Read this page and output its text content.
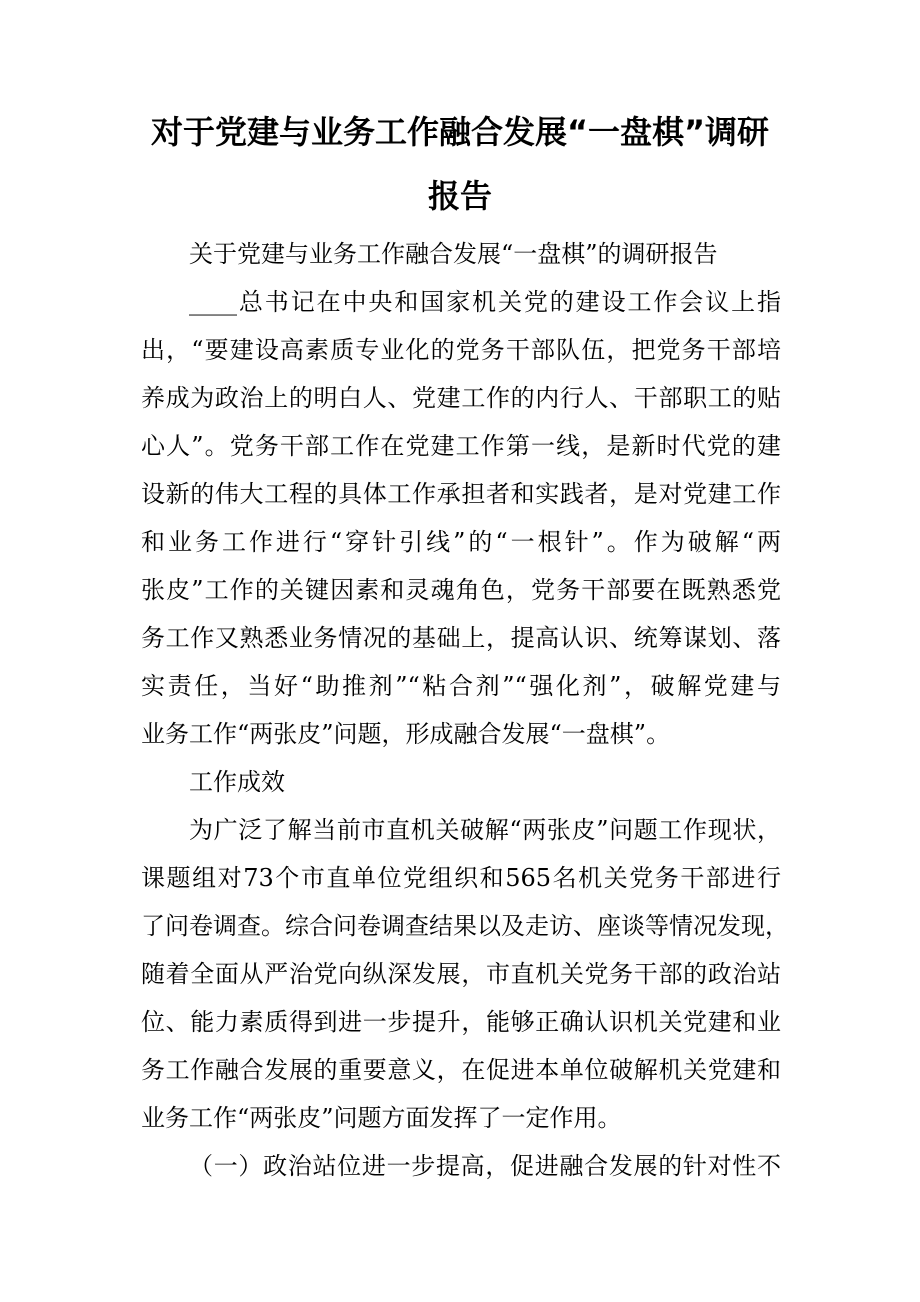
对于党建与业务工作融合发展“一盘棋”调研
报告

关于党建与业务工作融合发展“一盘棋”的调研报告

____总书记在中央和国家机关党的建设工作会议上指

出，“要建设高素质专业化的党务干部队伍，把党务干部培

养成为政治上的明白人、党建工作的内行人、干部职工的贴

心人”。党务干部工作在党建工作第一线，是新时代党的建

设新的伟大工程的具体工作承担者和实践者，是对党建工作

和业务工作进行“穿针引线”的“一根针”。作为破解“两

张皮”工作的关键因素和灵魂角色，党务干部要在既熟悉党

务工作又熟悉业务情况的基础上，提高认识、统筹谋划、落

实责任，当好“助推剂”“粘合剂”“强化剂”，破解党建与

业务工作“两张皮”问题，形成融合发展“一盘棋”。

工作成效

为广泛了解当前市直机关破解“两张皮”问题工作现状，

课题组对73个市直单位党组织和565名机关党务干部进行

了问卷调查。综合问卷调查结果以及走访、座谈等情况发现，

随着全面从严治党向纵深发展，市直机关党务干部的政治站

位、能力素质得到进一步提升，能够正确认识机关党建和业

务工作融合发展的重要意义，在促进本单位破解机关党建和

业务工作“两张皮”问题方面发挥了一定作用。

（一）政治站位进一步提高，促进融合发展的针对性不
